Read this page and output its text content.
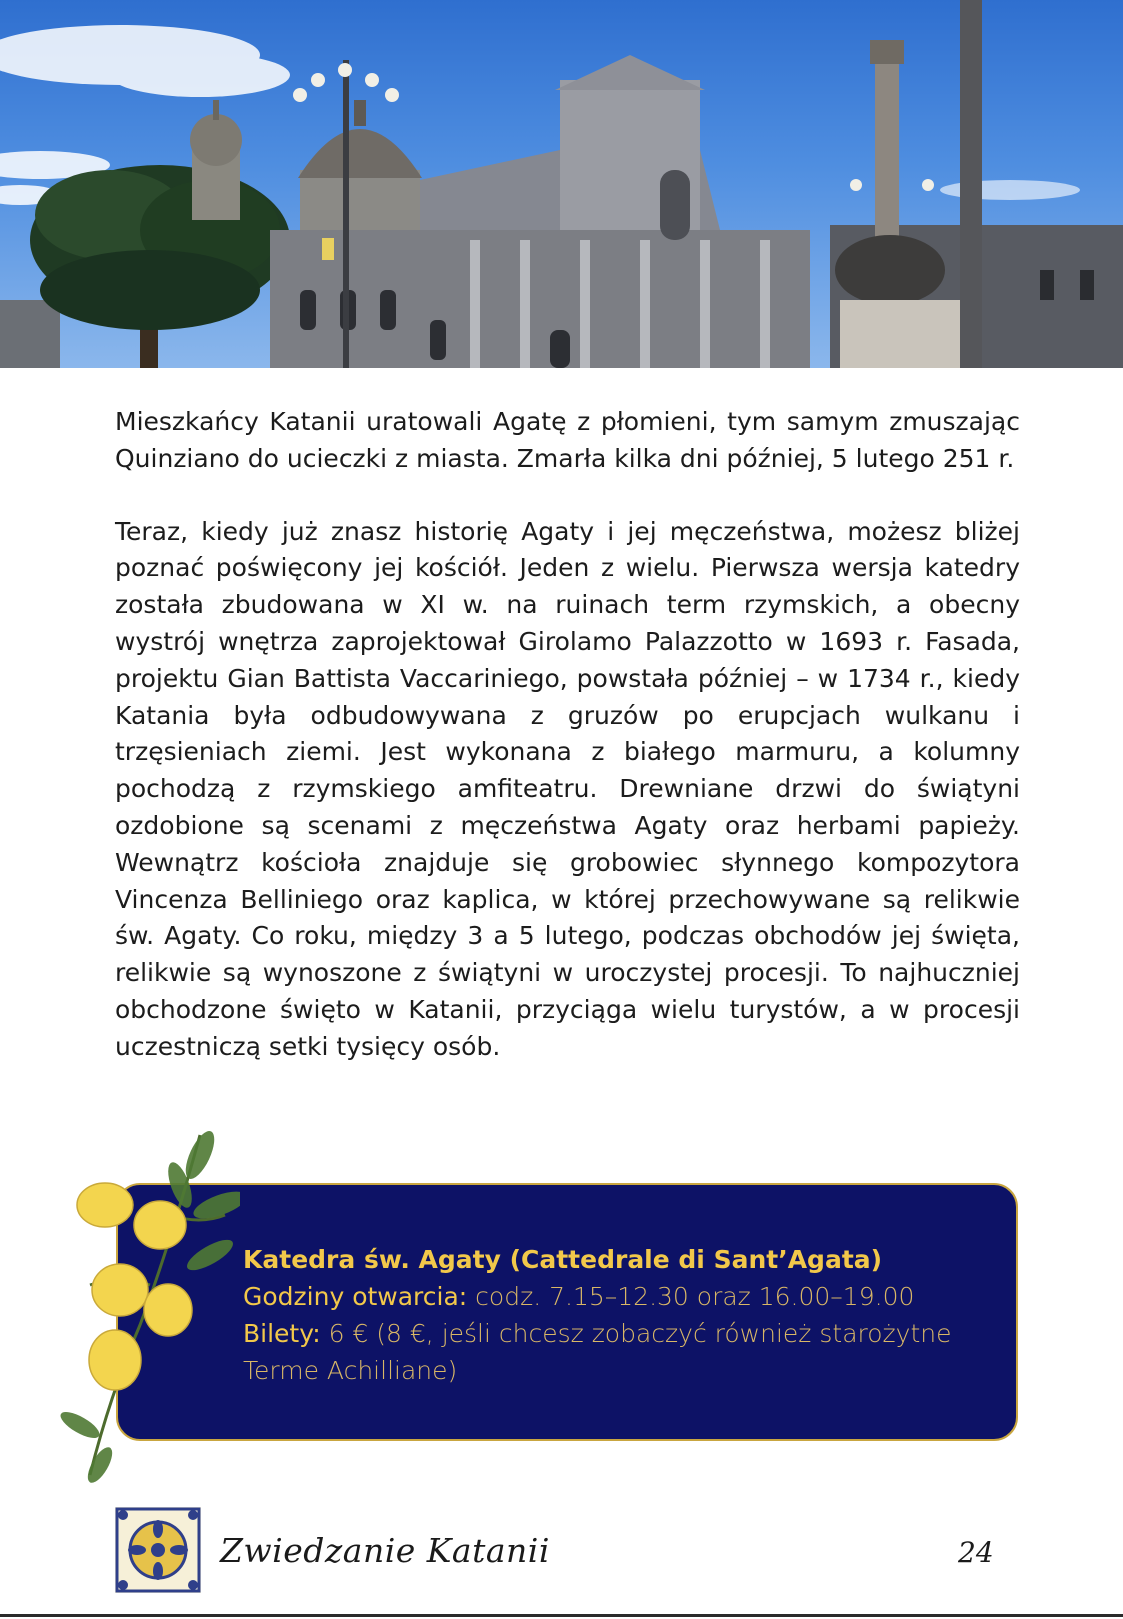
Mieszkańcy Katanii uratowali Agatę z płomieni, tym samym zmuszając Quinziano do ucieczki z miasta. Zmarła kilka dni później, 5 lutego 251 r.

Teraz, kiedy już znasz historię Agaty i jej męczeństwa, możesz bliżej poznać poświęcony jej kościół. Jeden z wielu. Pierwsza wersja katedry została zbudowana w XI w. na ruinach term rzymskich, a obecny wystrój wnętrza zaprojektował Girolamo Palazzotto w 1693 r. Fasada, projektu Gian Battista Vaccariniego, powstała później – w 1734 r., kiedy Katania była odbudowywana z gruzów po erupcjach wulkanu i trzęsieniach ziemi. Jest wykonana z białego marmuru, a kolumny pochodzą z rzymskiego amfiteatru. Drewniane drzwi do świątyni ozdobione są scenami z męczeństwa Agaty oraz herbami papieży. Wewnątrz kościoła znajduje się grobowiec słynnego kompozytora Vincenza Belliniego oraz kaplica, w której przechowywane są relikwie św. Agaty. Co roku, między 3 a 5 lutego, podczas obchodów jej święta, relikwie są wynoszone z świątyni w uroczystej procesji. To najhuczniej obchodzone święto w Katanii, przyciąga wielu turystów, a w procesji uczestniczą setki tysięcy osób.

Katedra św. Agaty (Cattedrale di Sant’Agata)
Godziny otwarcia: codz. 7.15–12.30 oraz 16.00–19.00
Bilety: 6 € (8 €, jeśli chcesz zobaczyć również starożytne Terme Achilliane)
Zwiedzanie Katanii	24
